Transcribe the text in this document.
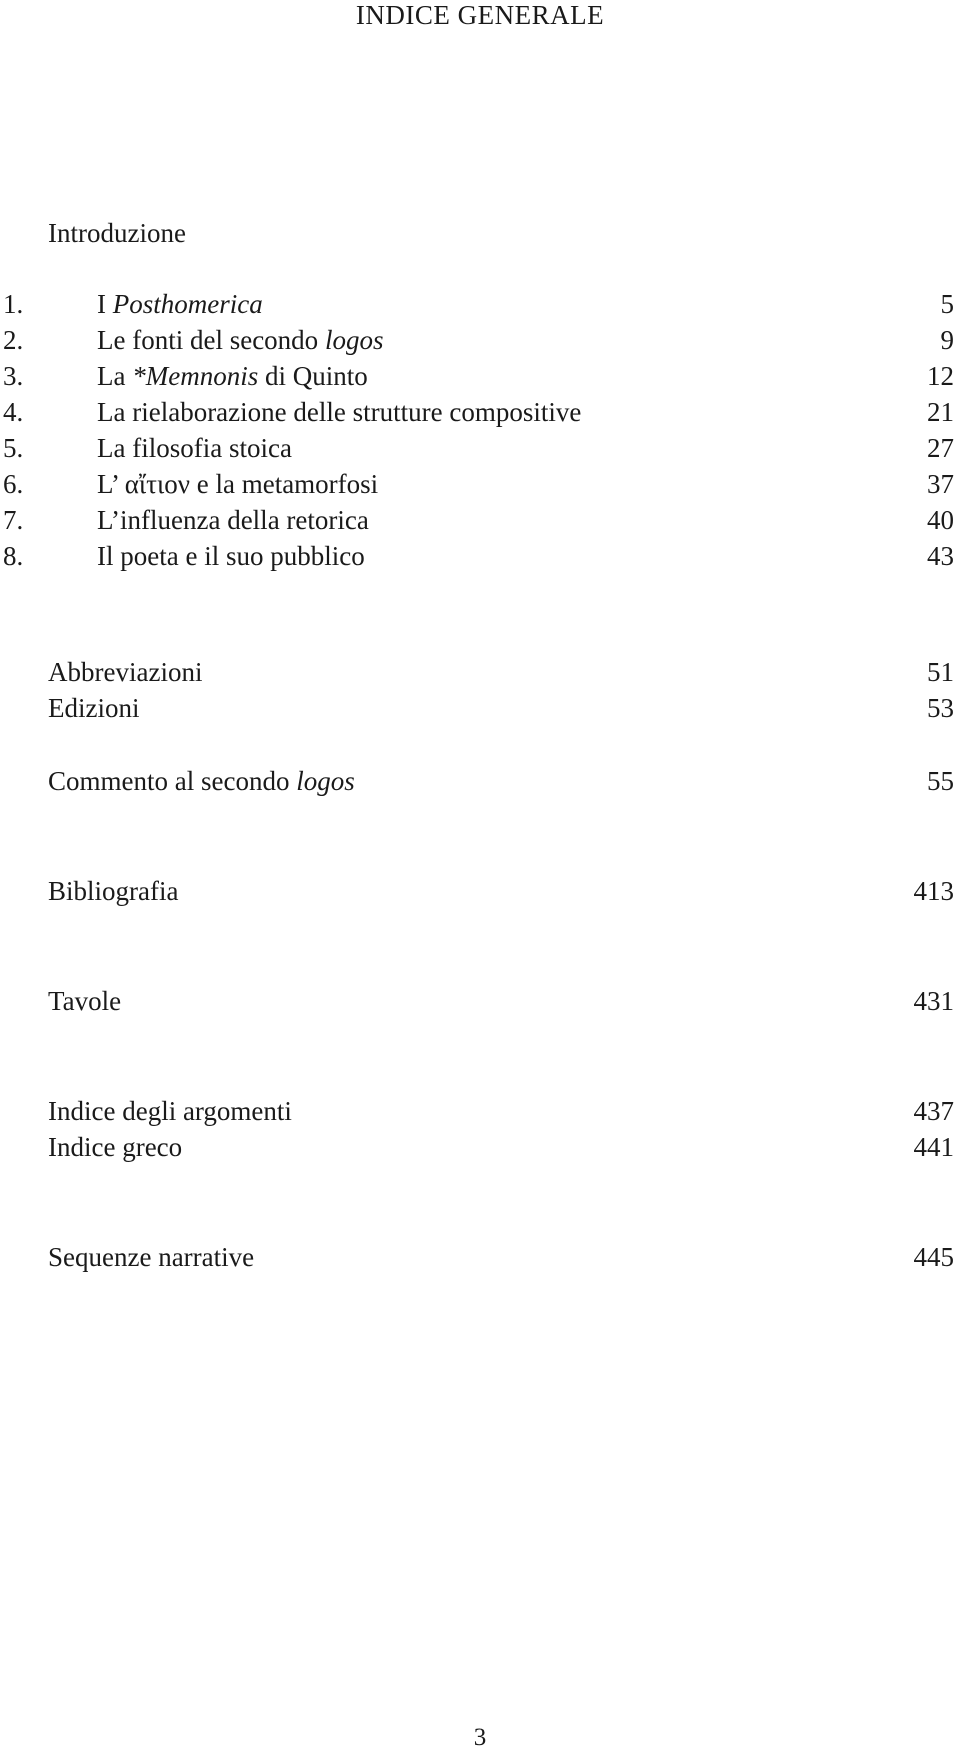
INDICE GENERALE
Introduzione
1.	I Posthomerica	5
2.	Le fonti del secondo logos	9
3.	La *Memnonis di Quinto	12
4.	La rielaborazione delle strutture compositive	21
5.	La filosofia stoica	27
6.	L’ αἴτιον e la metamorfosi	37
7.	L’influenza della retorica	40
8.	Il poeta e il suo pubblico	43
Abbreviazioni	51
Edizioni	53
Commento al secondo logos	55
Bibliografia	413
Tavole	431
Indice degli argomenti	437
Indice greco	441
Sequenze narrative	445
3
